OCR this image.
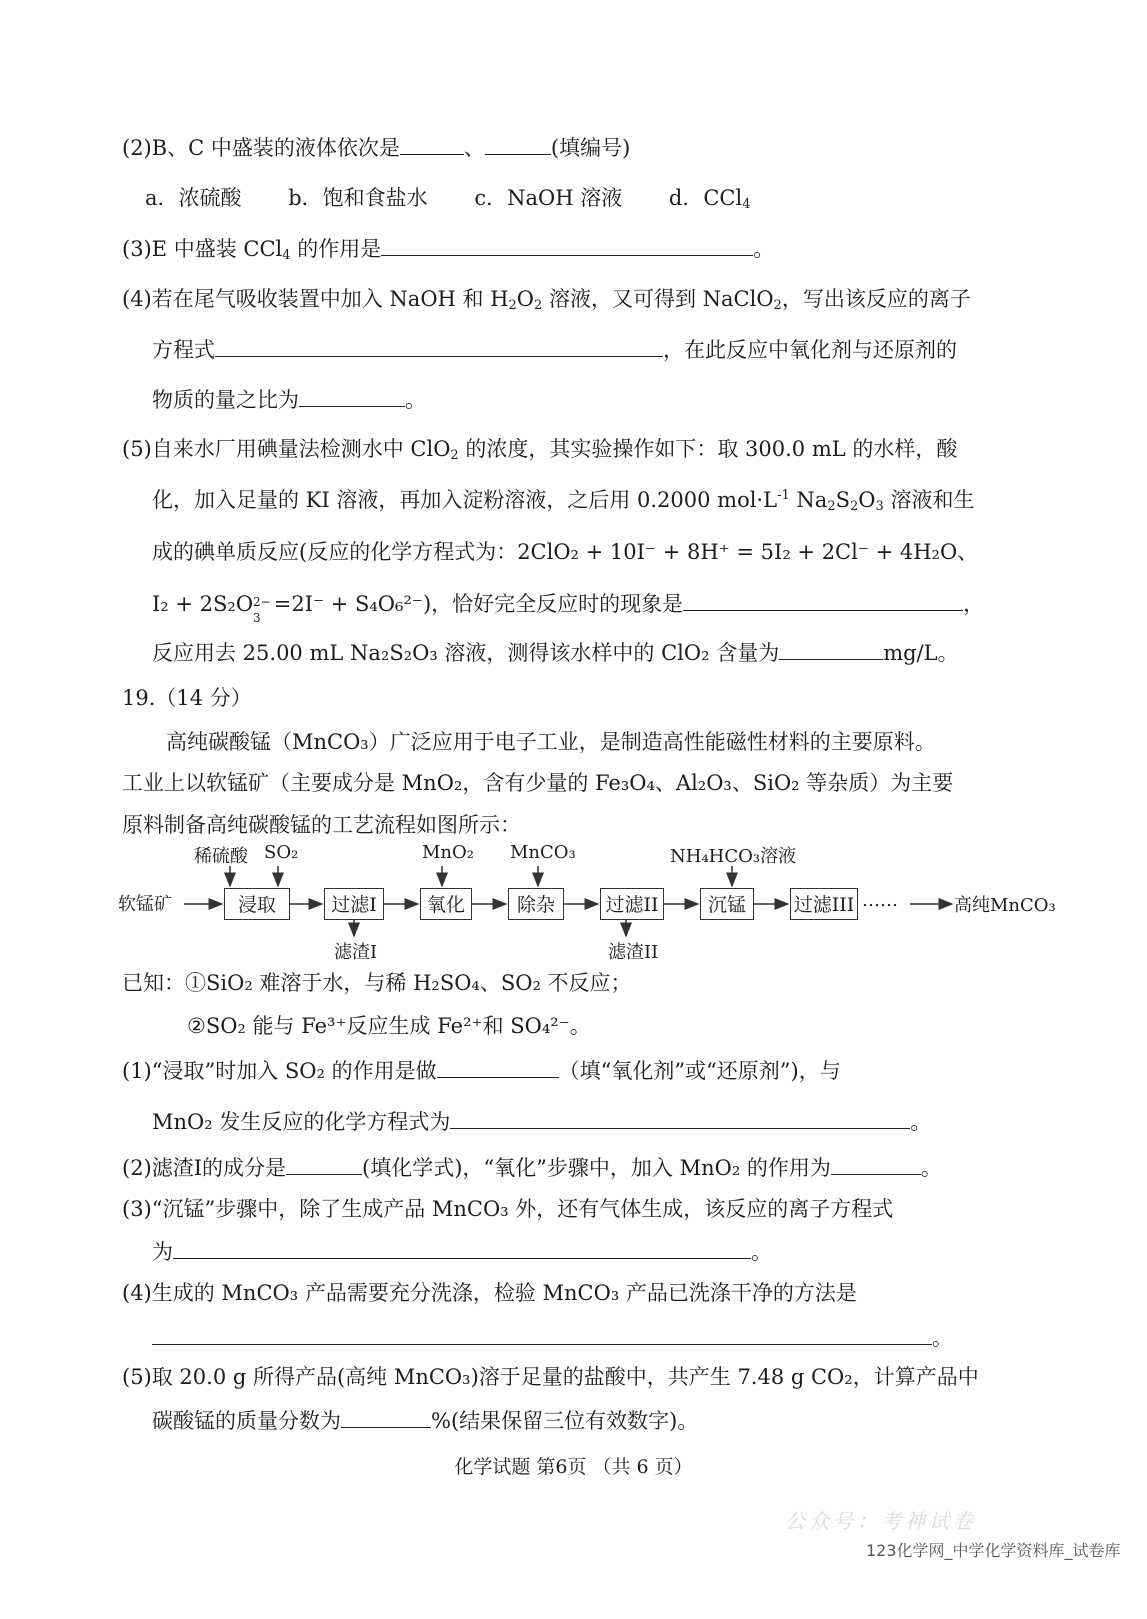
(2)B、C 中盛装的液体依次是	、	(填编号)
a．浓硫酸 b．饱和食盐水 c．NaOH 溶液 d．CCl$_4$
(3)E 中盛装 CCl$_4$ 的作用是	。
(4)若在尾气吸收装置中加入 NaOH 和 $H_2O_2$ 溶液，又可得到 NaClO$_2$，写出该反应的离子
方程式	，在此反应中氧化剂与还原剂的
物质的量之比为	。
(5)自来水厂用碘量法检测水中 ClO$_2$ 的浓度，其实验操作如下：取 300.0 mL 的水样，酸
化，加入足量的 KI 溶液，再加入淀粉溶液，之后用 0.2000 $mol\cdot L^{-1}$ $Na_2S_2O_3$ 溶液和生
成的碘单质反应(反应的化学方程式为：2ClO₂ + 10I⁻ + 8H⁺ = 5I₂ + 2Cl⁻ + 4H₂O、
I₂ + 2S₂O 2−
3
=2I⁻ + S₄O₆²⁻)，恰好完全反应时的现象是	，
反应用去 25.00 mL Na₂S₂O₃ 溶液，测得该水样中的 ClO₂ 含量为	mg/L。
19.（14 分）
高纯碳酸锰（MnCO₃）广泛应用于电子工业，是制造高性能磁性材料的主要原料。
工业上以软锰矿（主要成分是 MnO₂，含有少量的 Fe₃O₄、Al₂O₃、SiO₂ 等杂质）为主要
原料制备高纯碳酸锰的工艺流程如图所示：
软锰矿	浸取	过滤I	氧化	除杂	过滤II	沉锰	过滤III ……	高纯MnCO₃
稀硫酸 SO₂	MnO₂ MnCO₃	NH₄HCO₃溶液
滤渣I	滤渣II
已知：①SiO₂ 难溶于水，与稀 H₂SO₄、SO₂ 不反应；
②SO₂ 能与 Fe³⁺反应生成 Fe²⁺和 SO₄²⁻。
(1)“浸取”时加入 SO₂ 的作用是做	（填“氧化剂”或“还原剂”)，与
MnO₂ 发生反应的化学方程式为	。
(2)滤渣I的成分是	(填化学式)，“氧化”步骤中，加入 MnO₂ 的作用为	。
(3)“沉锰”步骤中，除了生成产品 MnCO₃ 外，还有气体生成，该反应的离子方程式
为	。
(4)生成的 MnCO₃ 产品需要充分洗涤，检验 MnCO₃ 产品已洗涤干净的方法是
。
(5)取 20.0 g 所得产品(高纯 MnCO₃)溶于足量的盐酸中，共产生 7.48 g CO₂，计算产品中
碳酸锰的质量分数为	%(结果保留三位有效数字)。
化学试题 第6页 （共 6 页）
公众号：考神试卷
123化学网_中学化学资料库_试卷库
